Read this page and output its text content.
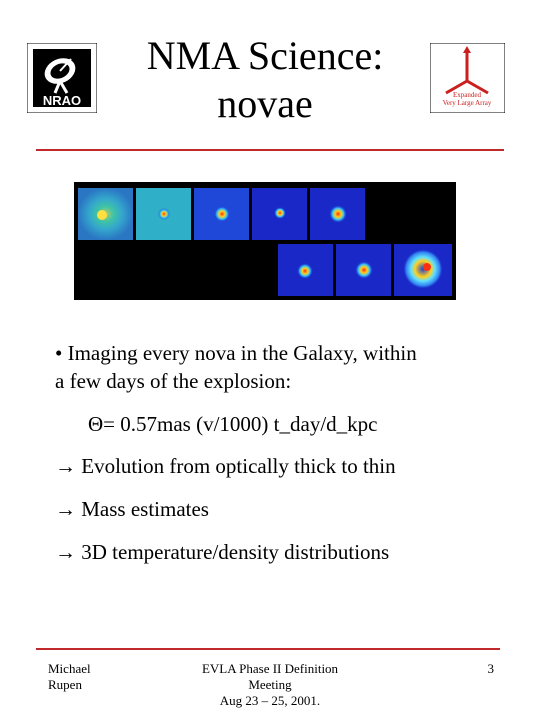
NRAO
NMA Science:
novae	Expanded
Very Large Array
• Imaging every nova in the Galaxy, within
a few days of the explosion:
Θ= 0.57mas (v/1000) t_day/d_kpc
→ Evolution from optically thick to thin
→ Mass estimates
→ 3D temperature/density distributions
Michael
Rupen
EVLA Phase II Definition
Meeting
Aug 23 – 25, 2001.
3
